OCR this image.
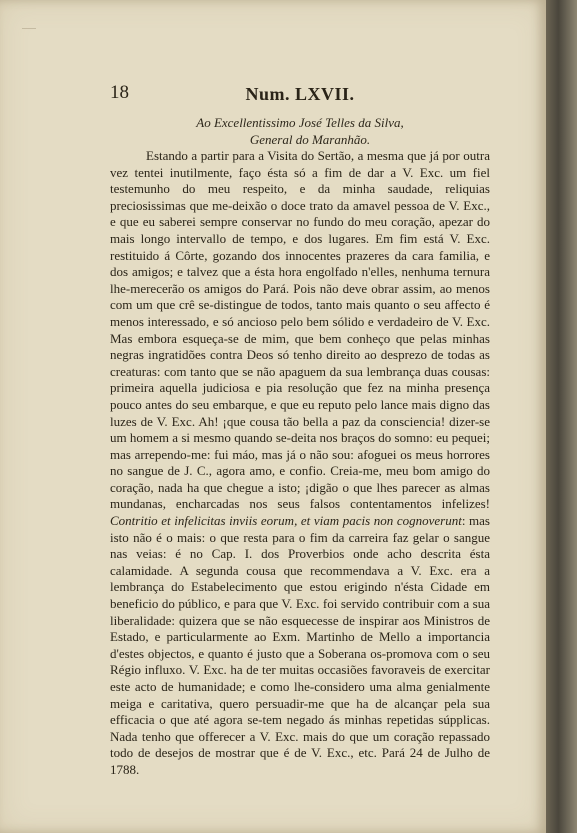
18	Num. LXVII.
Ao Excellentissimo José Telles da Silva,
General do Maranhão.

Estando a partir para a Visita do Sertão, a mesma que já por outra vez tentei inutilmente, faço ésta só a fim de dar a V. Exc. um fiel testemunho do meu respeito, e da minha saudade, reliquias preciosissimas que me-deixão o doce trato da amavel pessoa de V. Exc., e que eu saberei sempre conservar no fundo do meu coração, apezar do mais longo intervallo de tempo, e dos lugares. Em fim está V. Exc. restituido á Côrte, gozando dos innocentes prazeres da cara familia, e dos amigos; e talvez que a ésta hora engolfado n'elles, nenhuma ternura lhe-merecerão os amigos do Pará. Pois não deve obrar assim, ao menos com um que crê se-distingue de todos, tanto mais quanto o seu affecto é menos interessado, e só ancioso pelo bem sólido e verdadeiro de V. Exc. Mas embora esqueça-se de mim, que bem conheço que pelas minhas negras ingratidões contra Deos só tenho direito ao desprezo de todas as creaturas: com tanto que se não apaguem da sua lembrança duas cousas: primeira aquella judiciosa e pia resolução que fez na minha presença pouco antes do seu embarque, e que eu reputo pelo lance mais digno das luzes de V. Exc. Ah! ¡que cousa tão bella a paz da consciencia! dizer-se um homem a si mesmo quando se-deita nos braços do somno: eu pequei; mas arrependo-me: fui máo, mas já o não sou: afoguei os meus horrores no sangue de J. C., agora amo, e confio. Creia-me, meu bom amigo do coração, nada ha que chegue a isto; ¡digão o que lhes parecer as almas mundanas, encharcadas nos seus falsos contentamentos infelizes! Contritio et infelicitas inviis eorum, et viam pacis non cognoverunt: mas isto não é o mais: o que resta para o fim da carreira faz gelar o sangue nas veias: é no Cap. I. dos Proverbios onde acho descrita ésta calamidade. A segunda cousa que recommendava a V. Exc. era a lembrança do Estabelecimento que estou erigindo n'ésta Cidade em beneficio do público, e para que V. Exc. foi servido contribuir com a sua liberalidade: quizera que se não esquecesse de inspirar aos Ministros de Estado, e particularmente ao Exm. Martinho de Mello a importancia d'estes objectos, e quanto é justo que a Soberana os-promova com o seu Régio influxo. V. Exc. ha de ter muitas occasiões favoraveis de exercitar este acto de humanidade; e como lhe-considero uma alma genialmente meiga e caritativa, quero persuadir-me que ha de alcançar pela sua efficacia o que até agora se-tem negado ás minhas repetidas súpplicas. Nada tenho que offerecer a V. Exc. mais do que um coração repassado todo de desejos de mostrar que é de V. Exc., etc. Pará 24 de Julho de 1788.
